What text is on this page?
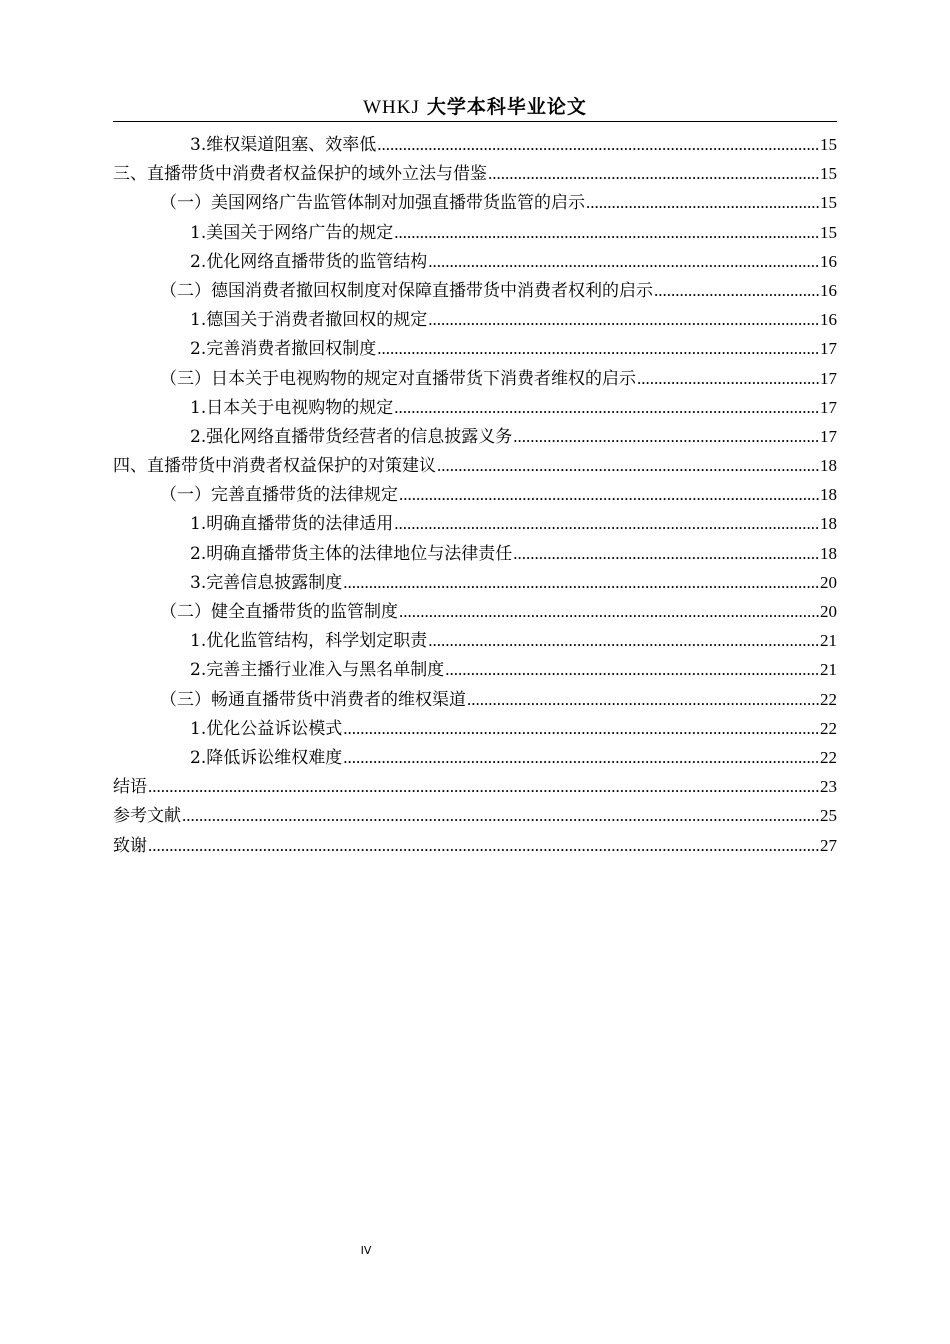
WHKJ 大学本科毕业论文
3.维权渠道阻塞、效率低 .....	15
三、直播带货中消费者权益保护的域外立法与借鉴 .....	15
（一）美国网络广告监管体制对加强直播带货监管的启示 .....	15
1.美国关于网络广告的规定 .....	15
2.优化网络直播带货的监管结构 .....	16
（二）德国消费者撤回权制度对保障直播带货中消费者权利的启示 .....	16
1.德国关于消费者撤回权的规定 .....	16
2.完善消费者撤回权制度 .....	17
（三）日本关于电视购物的规定对直播带货下消费者维权的启示 .....	17
1.日本关于电视购物的规定 .....	17
2.强化网络直播带货经营者的信息披露义务 .....	17
四、直播带货中消费者权益保护的对策建议 .....	18
（一）完善直播带货的法律规定 .....	18
1.明确直播带货的法律适用 .....	18
2.明确直播带货主体的法律地位与法律责任 .....	18
3.完善信息披露制度 .....	20
（二）健全直播带货的监管制度 .....	20
1.优化监管结构，科学划定职责 .....	21
2.完善主播行业准入与黑名单制度 .....	21
（三）畅通直播带货中消费者的维权渠道 .....	22
1.优化公益诉讼模式 .....	22
2.降低诉讼维权难度 .....	22
结语 .....	23
参考文献 .....	25
致谢 .....	27
IV
